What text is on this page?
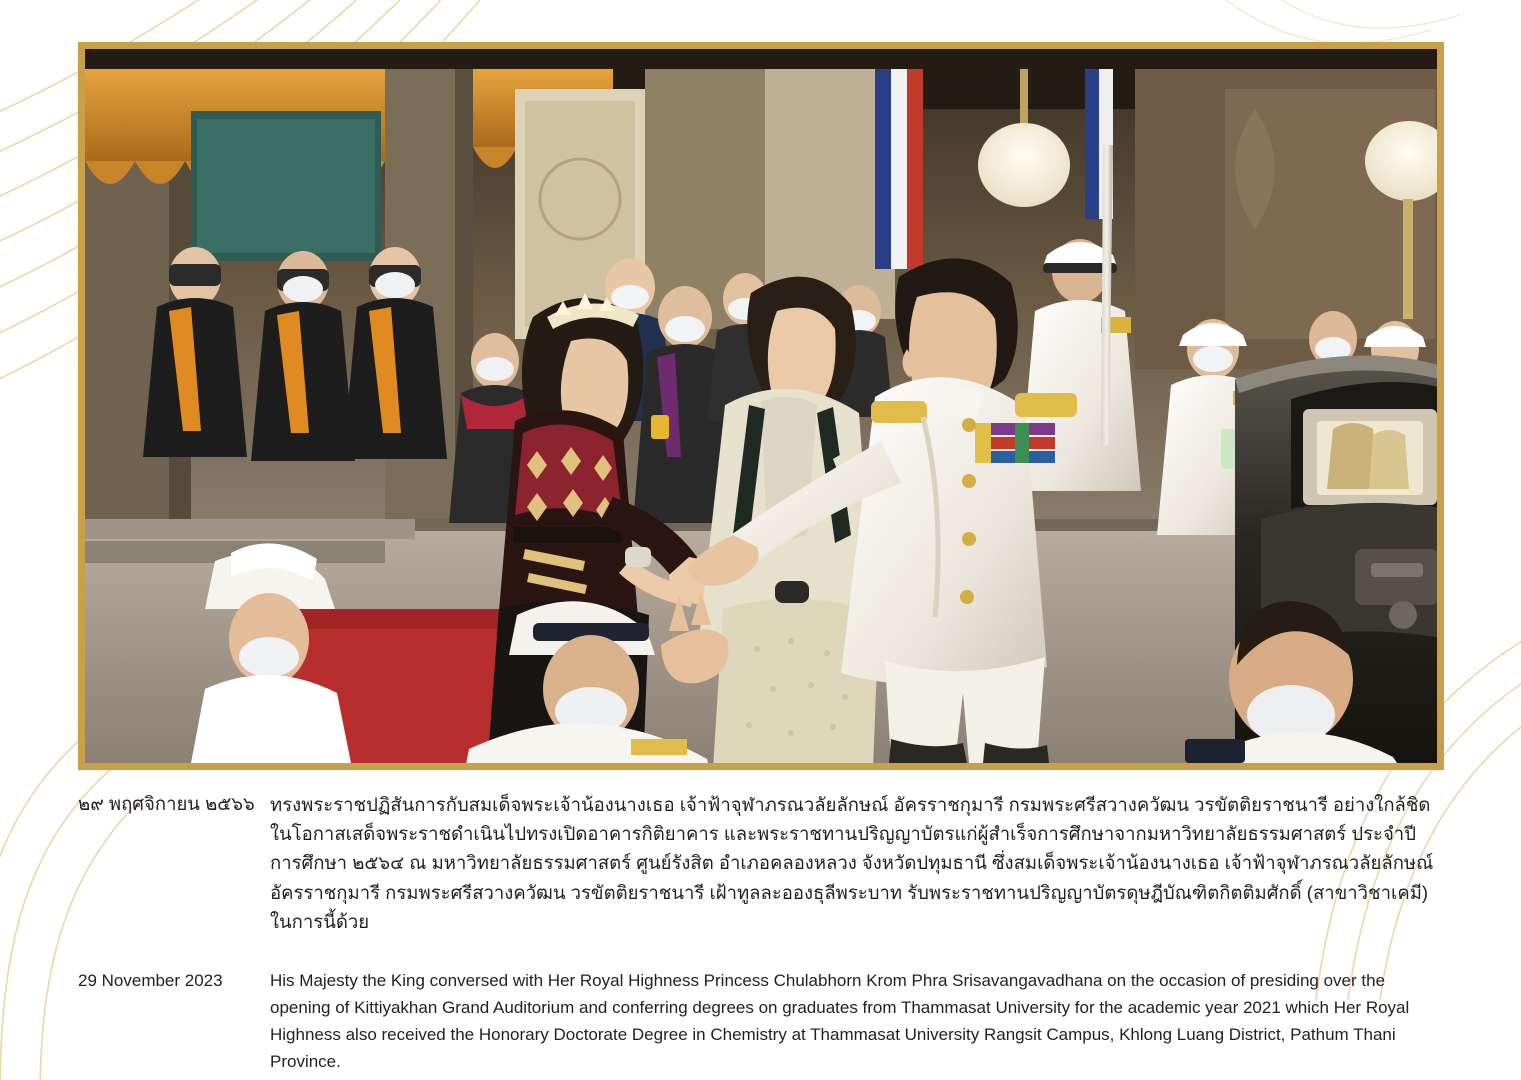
๒๙ พฤศจิกายน ๒๕๖๖ ทรงพระราชปฏิสันการกับสมเด็จพระเจ้าน้องนางเธอ เจ้าฟ้าจุฬาภรณวลัยลักษณ์ อัครราชกุมารี กรมพระศรีสวางควัฒน วรขัตติยราชนารี อย่างใกล้ชิด ในโอกาสเสด็จพระราชดำเนินไปทรงเปิดอาคารกิติยาคาร และพระราชทานปริญญาบัตรแก่ผู้สำเร็จการศึกษาจากมหาวิทยาลัยธรรมศาสตร์ ประจำปีการศึกษา ๒๕๖๔ ณ มหาวิทยาลัยธรรมศาสตร์ ศูนย์รังสิต อำเภอคลองหลวง จังหวัดปทุมธานี ซึ่งสมเด็จพระเจ้าน้องนางเธอ เจ้าฟ้าจุฬาภรณวลัยลักษณ์ อัครราชกุมารี กรมพระศรีสวางควัฒน วรขัตติยราชนารี เฝ้าทูลละอองธุลีพระบาท รับพระราชทานปริญญาบัตรดุษฎีบัณฑิตกิตติมศักดิ์ (สาขาวิชาเคมี) ในการนี้ด้วย
29 November 2023	His Majesty the King conversed with Her Royal Highness Princess Chulabhorn Krom Phra Srisavangavadhana on the occasion of presiding over the opening of Kittiyakhan Grand Auditorium and conferring degrees on graduates from Thammasat University for the academic year 2021 which Her Royal Highness also received the Honorary Doctorate Degree in Chemistry at Thammasat University Rangsit Campus, Khlong Luang District, Pathum Thani Province.
